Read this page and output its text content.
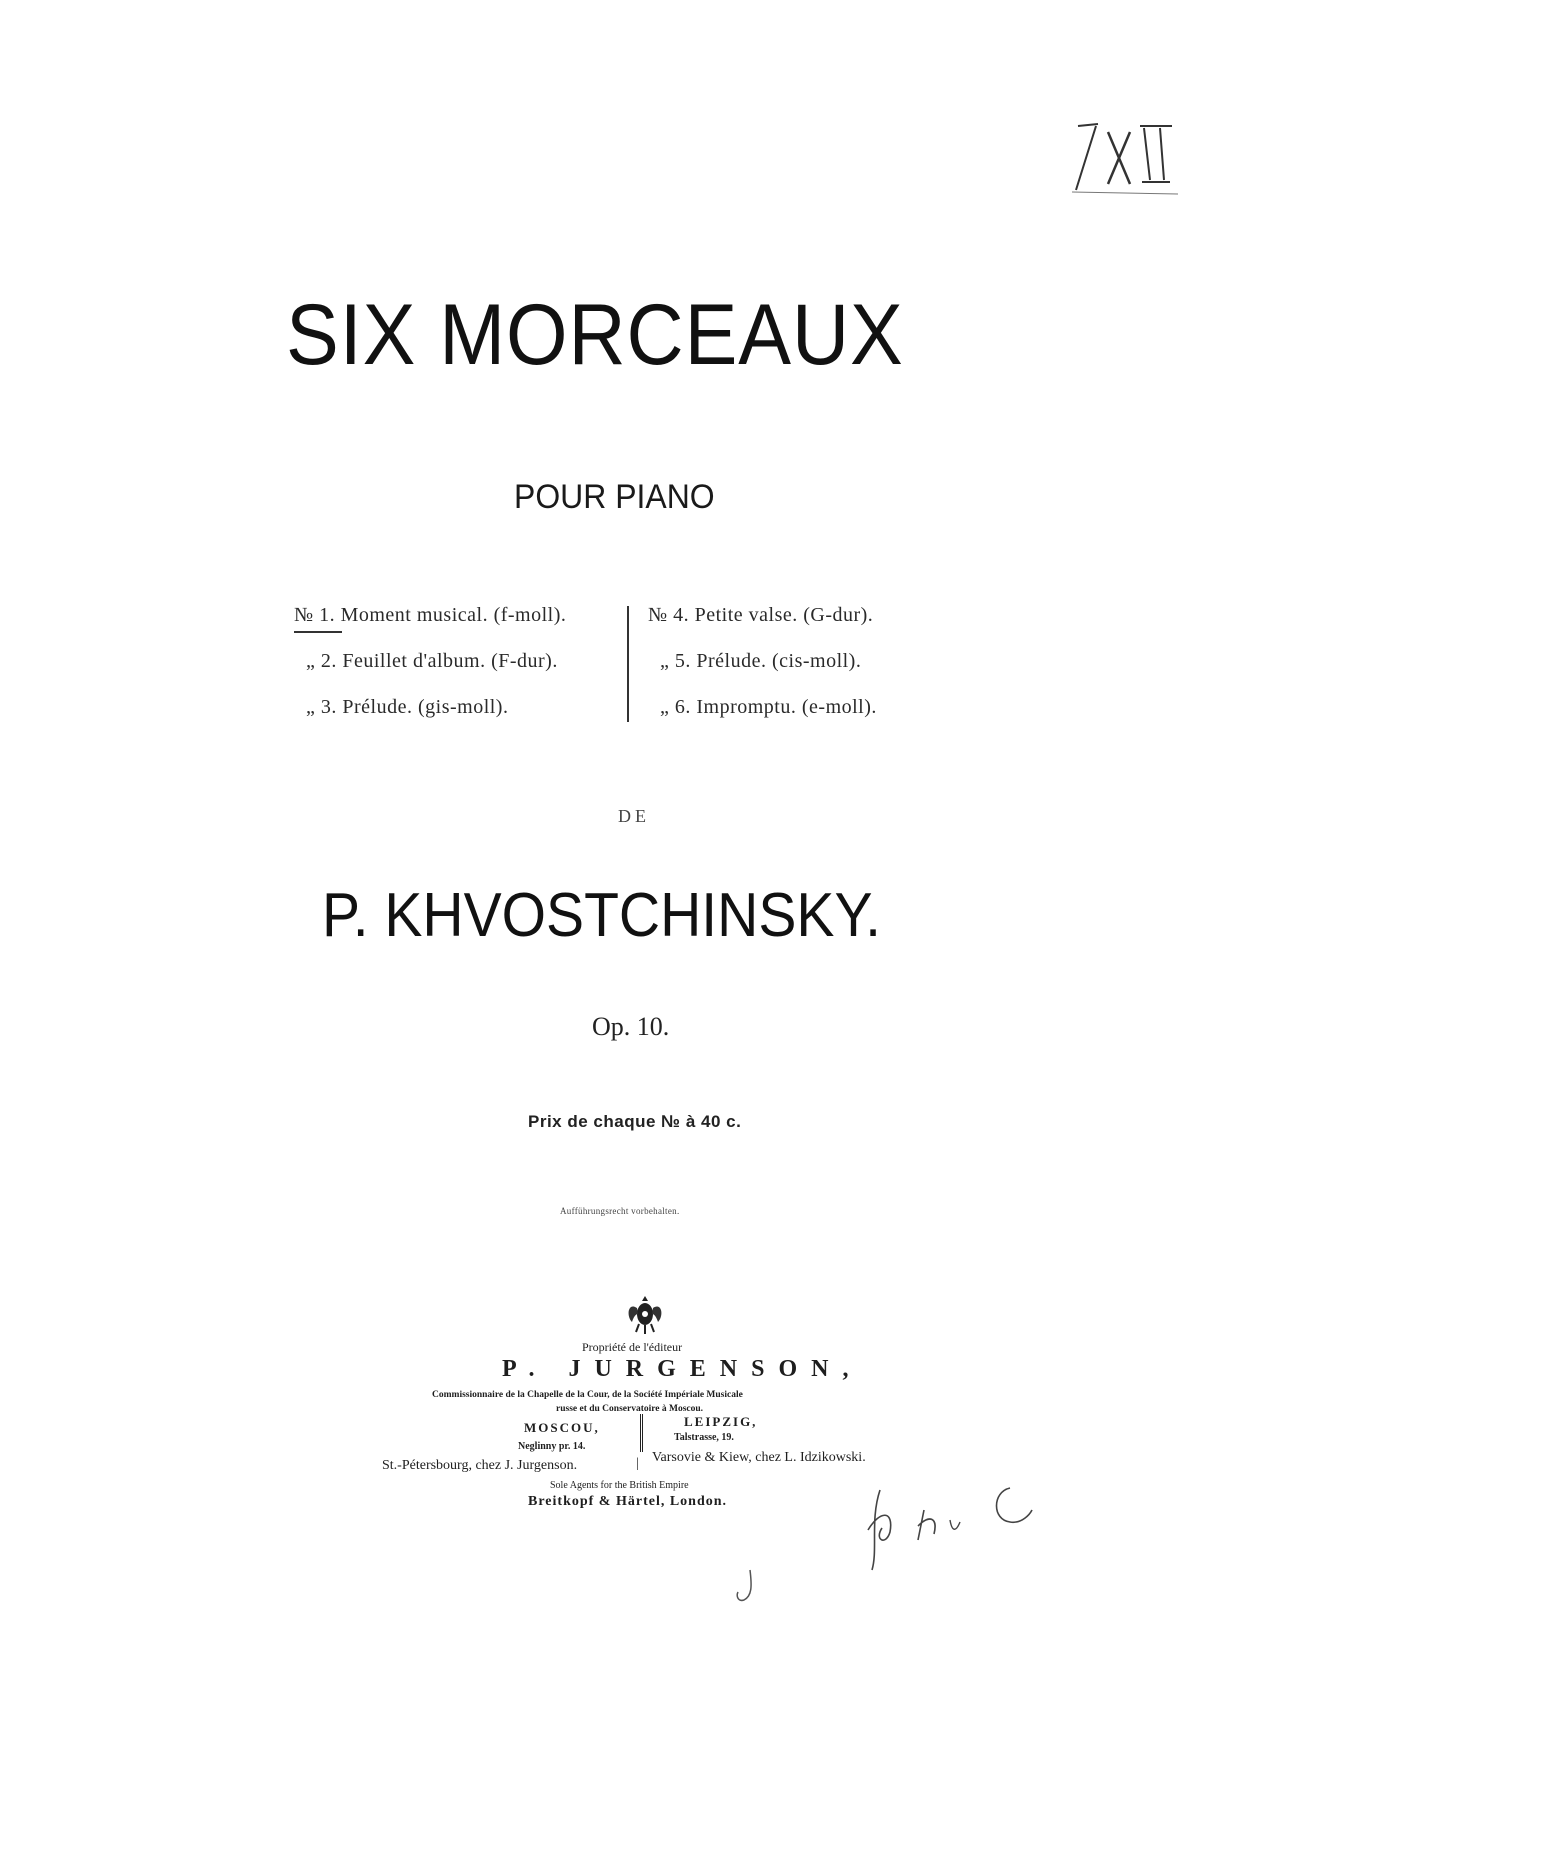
SIX MORCEAUX
POUR PIANO
№ 1. Moment musical. (f-moll).
„ 2. Feuillet d'album. (F-dur).
„ 3. Prélude. (gis-moll).
№ 4. Petite valse. (G-dur).
„ 5. Prélude. (cis-moll).
„ 6. Impromptu. (e-moll).
DE
P. KHVOSTCHINSKY.
Op. 10.
Prix de chaque № à 40 c.
Aufführungsrecht vorbehalten.
Propriété de l'éditeur
P. JURGENSON,
Commissionnaire de la Chapelle de la Cour, de la Société Impériale Musicale
russe et du Conservatoire à Moscou.
MOSCOU,	LEIPZIG,
Neglinny pr. 14.
Talstrasse, 19.
St.-Pétersbourg, chez J. Jurgenson.	| Varsovie & Kiew, chez L. Idzikowski.
Sole Agents for the British Empire
Breitkopf & Härtel, London.
